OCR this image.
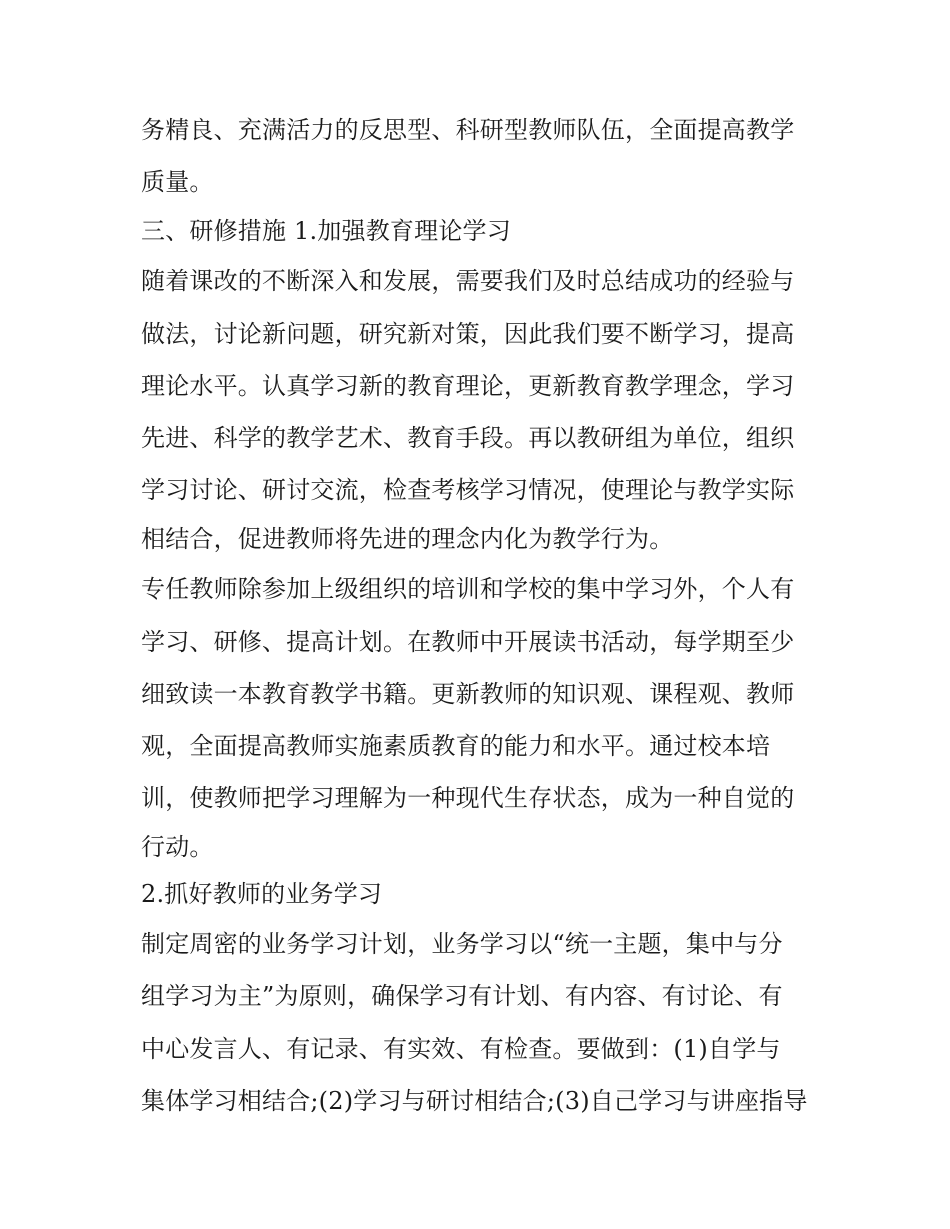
务精良、充满活力的反思型、科研型教师队伍，全面提高教学
质量。
三、研修措施 1.加强教育理论学习
随着课改的不断深入和发展，需要我们及时总结成功的经验与
做法，讨论新问题，研究新对策，因此我们要不断学习，提高
理论水平。认真学习新的教育理论，更新教育教学理念，学习
先进、科学的教学艺术、教育手段。再以教研组为单位，组织
学习讨论、研讨交流，检查考核学习情况，使理论与教学实际
相结合，促进教师将先进的理念内化为教学行为。
专任教师除参加上级组织的培训和学校的集中学习外，个人有
学习、研修、提高计划。在教师中开展读书活动，每学期至少
细致读一本教育教学书籍。更新教师的知识观、课程观、教师
观，全面提高教师实施素质教育的能力和水平。通过校本培
训，使教师把学习理解为一种现代生存状态，成为一种自觉的
行动。
2.抓好教师的业务学习
制定周密的业务学习计划，业务学习以“统一主题，集中与分
组学习为主”为原则，确保学习有计划、有内容、有讨论、有
中心发言人、有记录、有实效、有检查。要做到：(1)自学与
集体学习相结合;(2)学习与研讨相结合;(3)自己学习与讲座指导
